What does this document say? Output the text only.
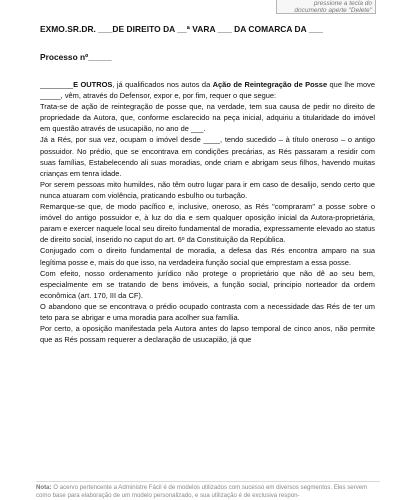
pressione a tecla do documento aperte "Delete"
EXMO.SR.DR. ___DE DIREITO DA __ª VARA ___ DA COMARCA DA ___
Processo nº_____

________E OUTROS, já qualificados nos autos da Ação de Reintegração de Posse que lhe move _____, vêm, através do Defensor, expor e, por fim, requer o que segue:

Trata-se de ação de reintegração de posse que, na verdade, tem sua causa de pedir no direito de propriedade da Autora, que, conforme esclarecido na peça inicial, adquiriu a titularidade do imóvel em questão através de usucapião, no ano de ___.

Já a Rés, por sua vez, ocupam o imóvel desde ____, tendo sucedido – à título oneroso – o antigo possuidor. No prédio, que se encontrava em condições precárias, as Rés passaram a residir com suas famílias, Estabelecendo ali suas moradias, onde criam e abrigam seus filhos, havendo muitas crianças em tenra idade.

Por serem pessoas mito humildes, não têm outro lugar para ir em caso de desalijo, sendo certo que nunca atuaram com violência, praticando esbulho ou turbação.

Remarque-se que, de modo pacífico e, inclusive, oneroso, as Rés "compraram" a posse sobre o imóvel do antigo possuidor e, à luz do dia e sem qualquer oposição inicial da Autora-proprietária, param e exercer naquele local seu direito fundamental de moradia, expressamente elevado ao status de direito social, inserido no caput do art. 6º da Constituição da República.

Conjugado com o direito fundamental de moradia, a defesa das Rés encontra amparo na sua legítima posse e, mais do que isso, na verdadeira função social que emprestam a essa posse.

Com efeito, nosso ordenamento jurídico não protege o proprietário que não dê ao seu bem, especialmente em se tratando de bens imóveis, a função social, principio norteador da ordem econômica (art. 170, III da CF).

O abandono que se encontrava o prédio ocupado contrasta com a necessidade das Rés de ter um teto para se abrigar e uma moradia para acolher sua família.

Por certo, a oposição manifestada pela Autora antes do lapso temporal de cinco anos, não permite que as Rés possam requerer a declaração de usucapião, já que

Nota: O acervo pertencente a Administre Fácil é de modelos utilizados com sucesso em diversos segmentos. Eles servem como base para elaboração de um modelo personalizado, e sua utilização é de exclusiva respon-
